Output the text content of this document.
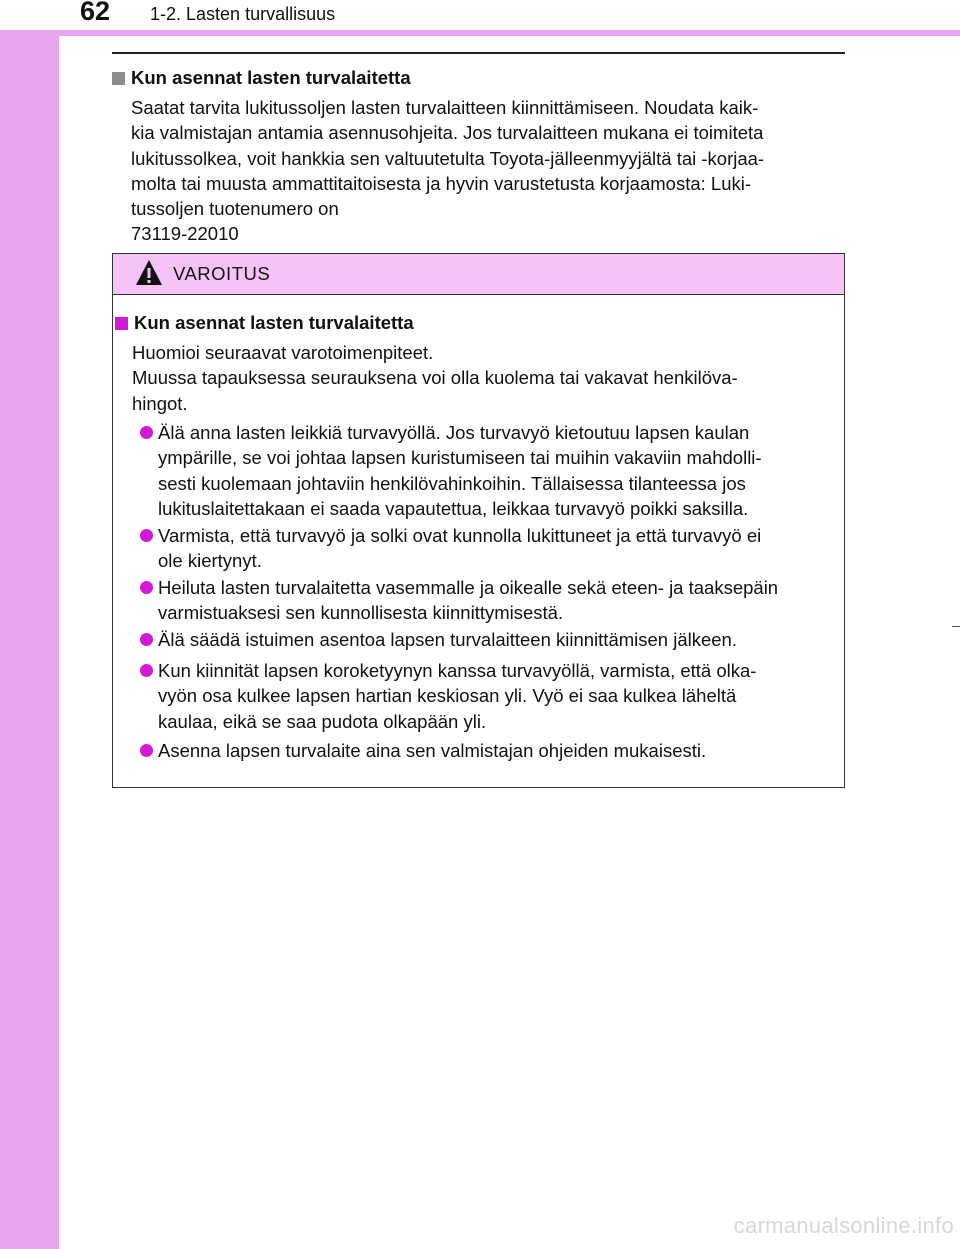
62 1-2. Lasten turvallisuus
Kun asennat lasten turvalaitetta

Saatat tarvita lukitussoljen lasten turvalaitteen kiinnittämiseen. Noudata kaik-

kia valmistajan antamia asennusohjeita. Jos turvalaitteen mukana ei toimiteta

lukitussolkea, voit hankkia sen valtuutetulta Toyota-jälleenmyyjältä tai -korjaa-

molta tai muusta ammattitaitoisesta ja hyvin varustetusta korjaamosta: Luki-

tussoljen tuotenumero on

73119-22010

VAROITUS
Kun asennat lasten turvalaitetta

Huomioi seuraavat varotoimenpiteet.

Muussa tapauksessa seurauksena voi olla kuolema tai vakavat henkilöva-

hingot.

Älä anna lasten leikkiä turvavyöllä. Jos turvavyö kietoutuu lapsen kaulan

ympärille, se voi johtaa lapsen kuristumiseen tai muihin vakaviin mahdolli-

sesti kuolemaan johtaviin henkilövahinkoihin. Tällaisessa tilanteessa jos

lukituslaitettakaan ei saada vapautettua, leikkaa turvavyö poikki saksilla.

Varmista, että turvavyö ja solki ovat kunnolla lukittuneet ja että turvavyö ei

ole kiertynyt.

Heiluta lasten turvalaitetta vasemmalle ja oikealle sekä eteen- ja taaksepäin

varmistuaksesi sen kunnollisesta kiinnittymisestä.

Älä säädä istuimen asentoa lapsen turvalaitteen kiinnittämisen jälkeen.

Kun kiinnität lapsen koroketyynyn kanssa turvavyöllä, varmista, että olka-

vyön osa kulkee lapsen hartian keskiosan yli. Vyö ei saa kulkea läheltä

kaulaa, eikä se saa pudota olkapään yli.

Asenna lapsen turvalaite aina sen valmistajan ohjeiden mukaisesti.

carmanualsonline.info
